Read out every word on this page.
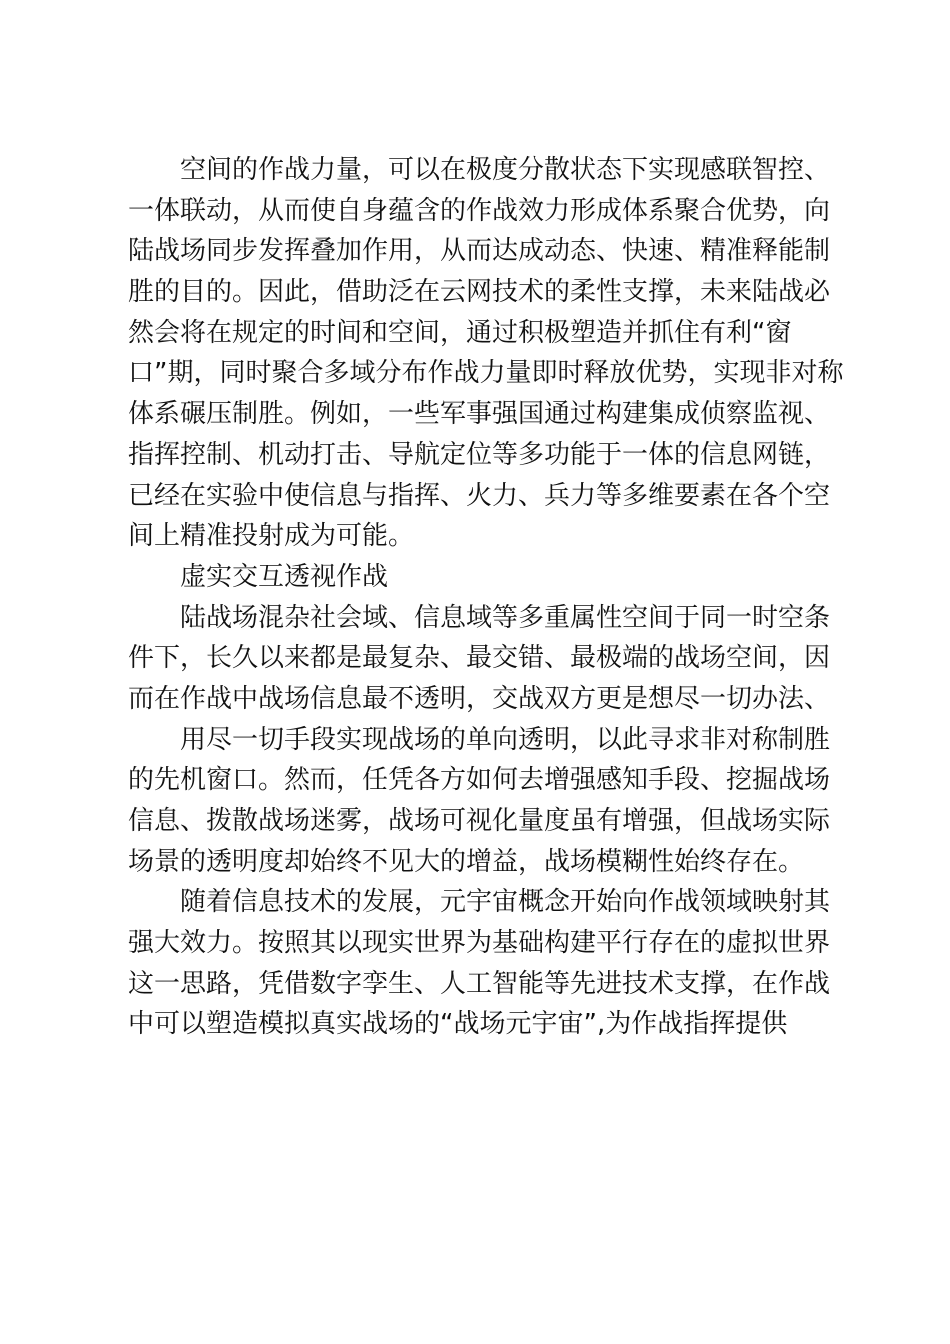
空间的作战力量，可以在极度分散状态下实现感联智控、
一体联动，从而使自身蕴含的作战效力形成体系聚合优势，向
陆战场同步发挥叠加作用，从而达成动态、快速、精准释能制
胜的目的。因此，借助泛在云网技术的柔性支撑，未来陆战必
然会将在规定的时间和空间，通过积极塑造并抓住有利“窗
口”期，同时聚合多域分布作战力量即时释放优势，实现非对称
体系碾压制胜。例如，一些军事强国通过构建集成侦察监视、
指挥控制、机动打击、导航定位等多功能于一体的信息网链，
已经在实验中使信息与指挥、火力、兵力等多维要素在各个空
间上精准投射成为可能。
虚实交互透视作战
陆战场混杂社会域、信息域等多重属性空间于同一时空条
件下，长久以来都是最复杂、最交错、最极端的战场空间，因
而在作战中战场信息最不透明，交战双方更是想尽一切办法、
用尽一切手段实现战场的单向透明，以此寻求非对称制胜
的先机窗口。然而，任凭各方如何去增强感知手段、挖掘战场
信息、拨散战场迷雾，战场可视化量度虽有增强，但战场实际
场景的透明度却始终不见大的增益，战场模糊性始终存在。
随着信息技术的发展，元宇宙概念开始向作战领域映射其
强大效力。按照其以现实世界为基础构建平行存在的虚拟世界
这一思路，凭借数字孪生、人工智能等先进技术支撑，在作战
中可以塑造模拟真实战场的“战场元宇宙”,为作战指挥提供
